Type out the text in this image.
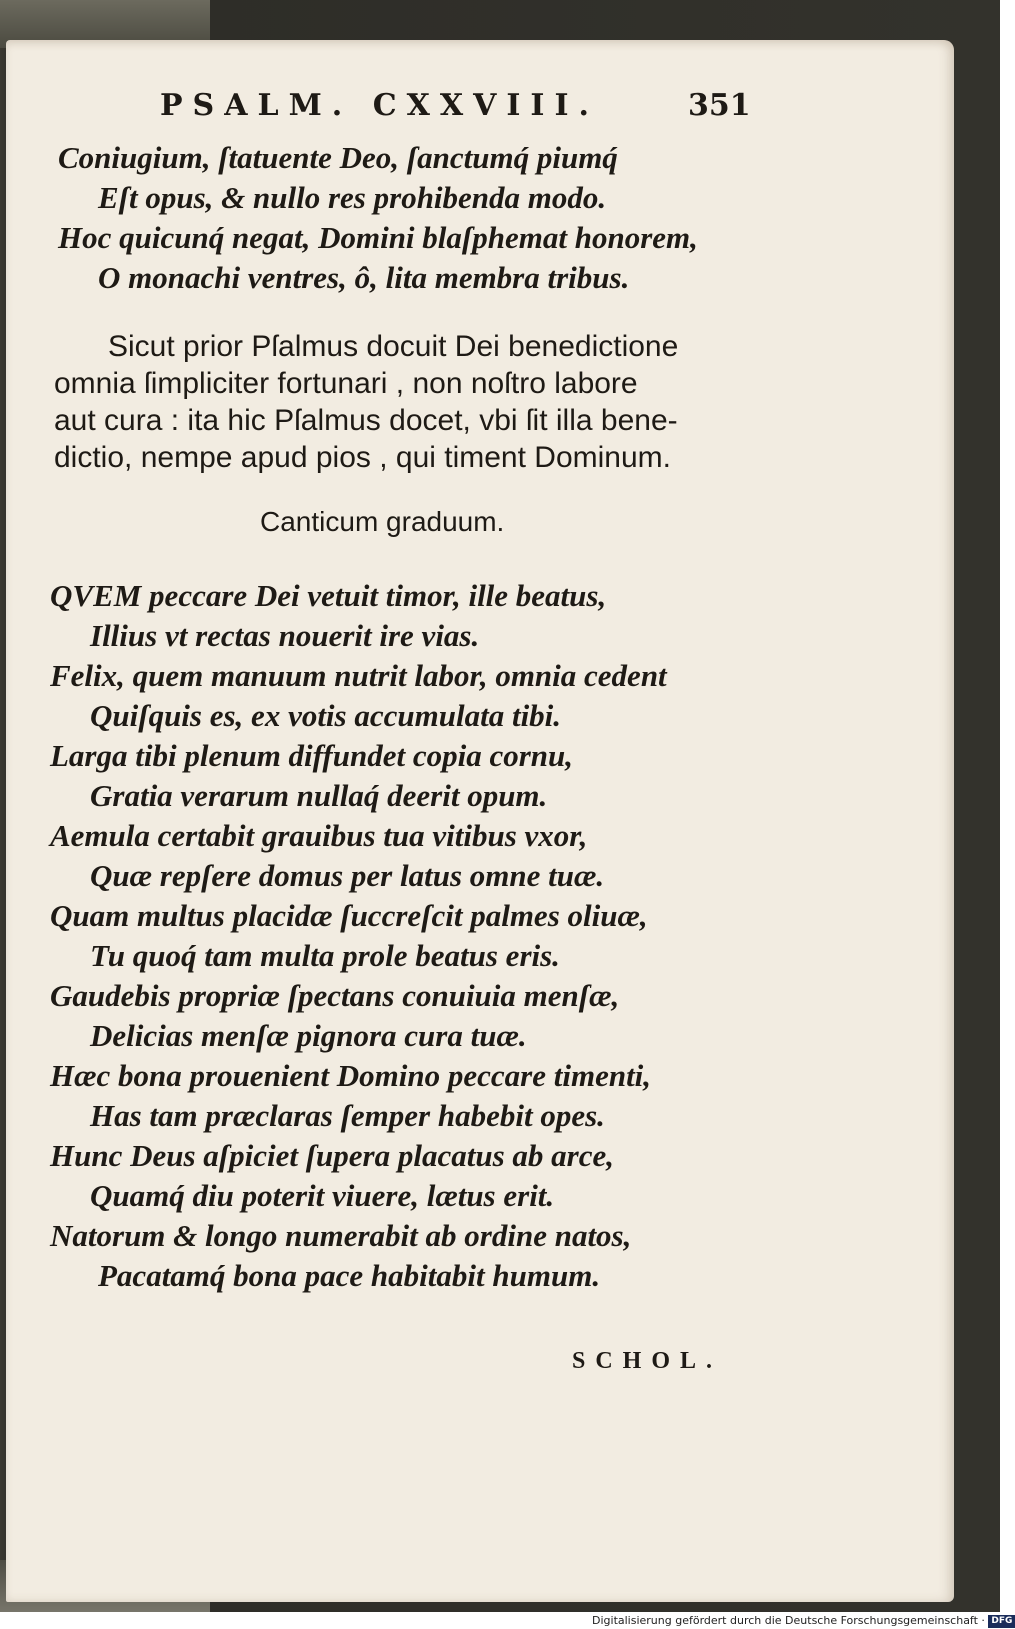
PSALM. CXXVIII.	351
Coniugium, ſtatuente Deo, ſanctumq́ piumq́
Eſt opus, & nullo res prohibenda modo.
Hoc quicunq́ negat, Domini blaſphemat honorem,
O monachi ventres, ô, lita membra tribus.
Sicut prior Pſalmus docuit Dei benedictione
omnia ſimpliciter fortunari , non noſtro labore
aut cura : ita hic Pſalmus docet, vbi ſit illa bene-
dictio, nempe apud pios , qui timent Dominum.
Canticum graduum.
QVEM peccare Dei vetuit timor, ille beatus,
Illius vt rectas nouerit ire vias.
Felix, quem manuum nutrit labor, omnia cedent
Quiſquis es, ex votis accumulata tibi.
Larga tibi plenum diffundet copia cornu,
Gratia verarum nullaq́ deerit opum.
Aemula certabit grauibus tua vitibus vxor,
Quæ repſere domus per latus omne tuæ.
Quam multus placidæ ſuccreſcit palmes oliuæ,
Tu quoq́ tam multa prole beatus eris.
Gaudebis propriæ ſpectans conuiuia menſæ,
Delicias menſæ pignora cura tuæ.
Hæc bona prouenient Domino peccare timenti,
Has tam præclaras ſemper habebit opes.
Hunc Deus aſpiciet ſupera placatus ab arce,
Quamq́ diu poterit viuere, lætus erit.
Natorum & longo numerabit ab ordine natos,
Pacatamq́ bona pace habitabit humum.
SCHOL.
Digitalisierung gefördert durch die Deutsche Forschungsgemeinschaft · DFG
